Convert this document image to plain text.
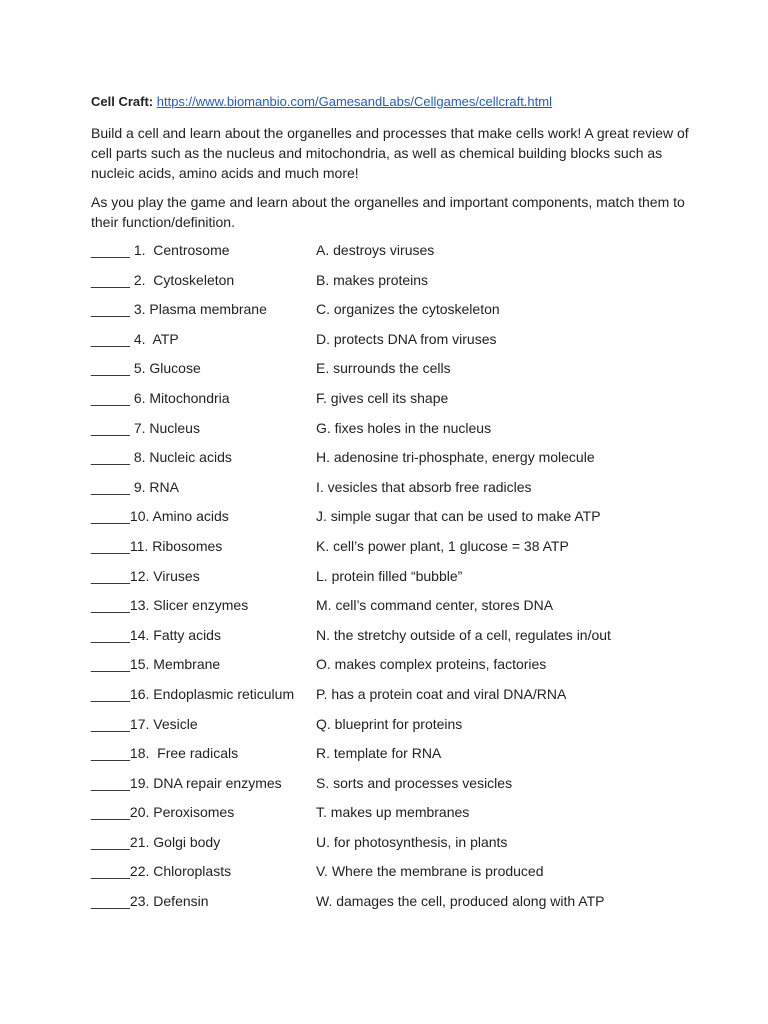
Cell Craft: https://www.biomanbio.com/GamesandLabs/Cellgames/cellcraft.html
Build a cell and learn about the organelles and processes that make cells work! A great review of cell parts such as the nucleus and mitochondria, as well as chemical building blocks such as nucleic acids, amino acids and much more!
As you play the game and learn about the organelles and important components, match them to their function/definition.
_____ 1.  Centrosome	A. destroys viruses
_____ 2.  Cytoskeleton	B. makes proteins
_____ 3. Plasma membrane	C. organizes the cytoskeleton
_____ 4.  ATP	D. protects DNA from viruses
_____ 5. Glucose	E. surrounds the cells
_____ 6. Mitochondria	F. gives cell its shape
_____ 7. Nucleus	G. fixes holes in the nucleus
_____ 8. Nucleic acids	H. adenosine tri-phosphate, energy molecule
_____ 9. RNA	I. vesicles that absorb free radicles
_____10. Amino acids	J. simple sugar that can be used to make ATP
_____11. Ribosomes	K. cell’s power plant, 1 glucose = 38 ATP
_____12. Viruses	L. protein filled “bubble”
_____13. Slicer enzymes	M. cell’s command center, stores DNA
_____14. Fatty acids	N. the stretchy outside of a cell, regulates in/out
_____15. Membrane	O. makes complex proteins, factories
_____16. Endoplasmic reticulum P. has a protein coat and viral DNA/RNA
_____17. Vesicle	Q. blueprint for proteins
_____18.  Free radicals	R. template for RNA
_____19. DNA repair enzymes S. sorts and processes vesicles
_____20. Peroxisomes	T. makes up membranes
_____21. Golgi body	U. for photosynthesis, in plants
_____22. Chloroplasts	V. Where the membrane is produced
_____23. Defensin	W. damages the cell, produced along with ATP
